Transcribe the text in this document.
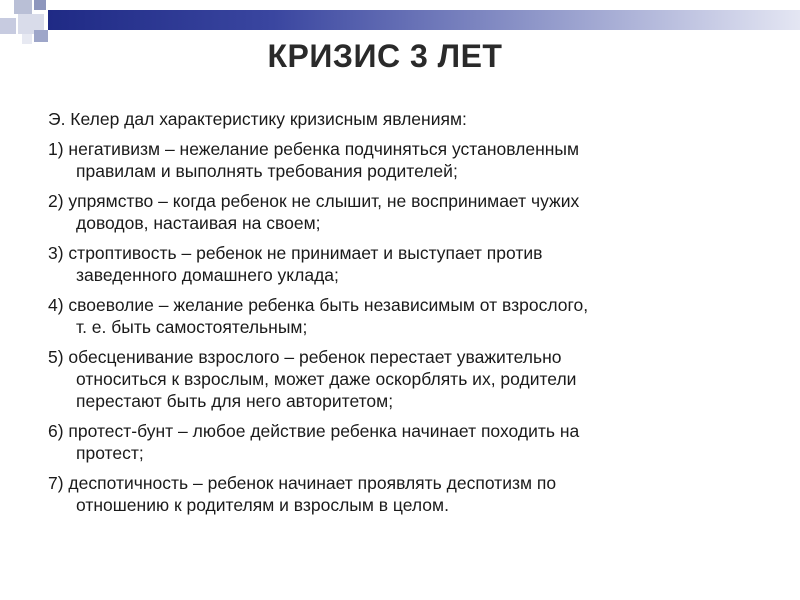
КРИЗИС 3 ЛЕТ

Э. Келер дал характеристику кризисным явлениям:

1) негативизм – нежелание ребенка подчиняться установленным
правилам и выполнять требования родителей;
2) упрямство – когда ребенок не слышит, не воспринимает чужих
доводов, настаивая на своем;
3) строптивость – ребенок не принимает и выступает против
заведенного домашнего уклада;
4) своеволие – желание ребенка быть независимым от взрослого,
т. е. быть самостоятельным;
5) обесценивание взрослого – ребенок перестает уважительно
относиться к взрослым, может даже оскорблять их, родители
перестают быть для него авторитетом;
6) протест-бунт – любое действие ребенка начинает походить на
протест;
7) деспотичность – ребенок начинает проявлять деспотизм по
отношению к родителям и взрослым в целом.
